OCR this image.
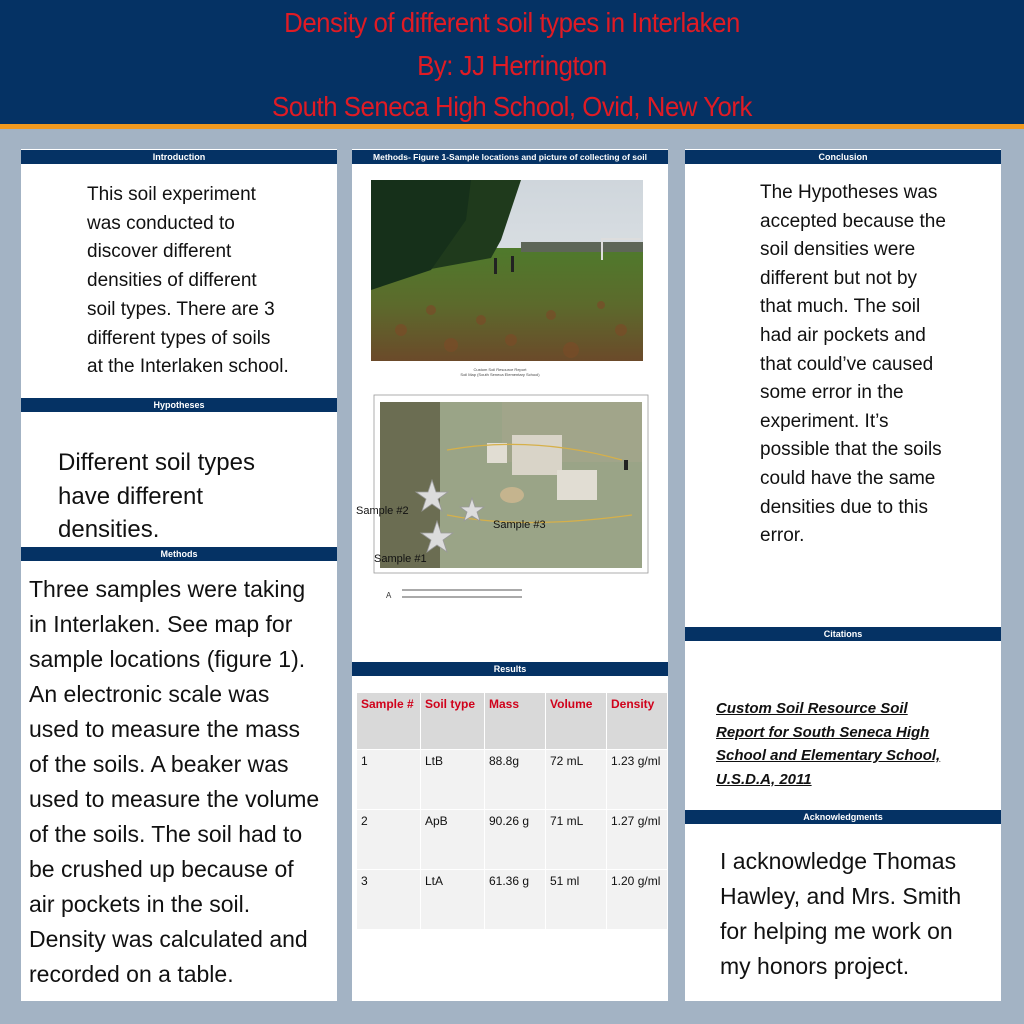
Density of different soil types in Interlaken
By: JJ Herrington
South Seneca High School, Ovid, New York
Introduction
This soil experiment
was conducted to
discover different
densities of different
soil types. There are 3
different types of soils
at the Interlaken school.
Hypotheses
Different soil types
have different
densities.
Methods
Three samples were taking
in Interlaken. See map for
sample locations (figure 1).
An electronic scale was
used to measure the mass
of the soils. A beaker was
used to measure the volume
of the soils. The soil had to
be crushed up because of
air pockets in the soil.
Density was calculated and
recorded on a table.
Methods- Figure 1-Sample locations and picture of collecting of soil
Custom Soil Resource Report
Soil Map (South Seneca Elementary School)
A
Sample #2
Sample #3
Sample #1
Results
Sample #	Soil type	Mass	Volume	Density
1	LtB	88.8g	72 mL	1.23 g/ml
2	ApB	90.26 g	71 mL	1.27 g/ml
3	LtA	61.36 g	51 ml	1.20 g/ml
Conclusion
The Hypotheses was
accepted because the
soil densities were
different but not by
that much. The soil
had air pockets and
that could’ve caused
some error in the
experiment. It’s
possible that the soils
could have the same
densities due to this
error.
Citations
Custom Soil Resource Soil
Report for South Seneca High
School and Elementary School,
U.S.D.A, 2011
Acknowledgments
I acknowledge Thomas
Hawley, and Mrs. Smith
for helping me work on
my honors project.
